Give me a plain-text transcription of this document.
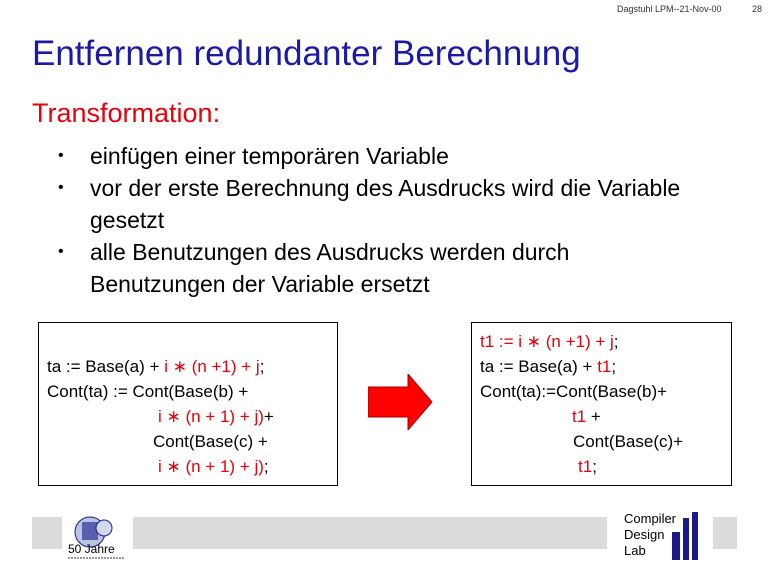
Dagstuhl LPM--21-Nov-00	28
Entfernen redundanter Berechnung
Transformation:
• einfügen einer temporären Variable
• vor der erste Berechnung des Ausdrucks wird die Variable gesetzt
• alle Benutzungen des Ausdrucks werden durch Benutzungen der Variable ersetzt
ta := Base(a) + i ∗ (n +1) + j;
Cont(ta) := Cont(Base(b) +
i ∗ (n + 1) + j)+
Cont(Base(c) +
i ∗ (n + 1) + j);
t1 := i ∗ (n +1) + j;
ta := Base(a) + t1;
Cont(ta):=Cont(Base(b)+
t1 +
Cont(Base(c)+
t1;
50 Jahre
Compiler
Design
Lab
